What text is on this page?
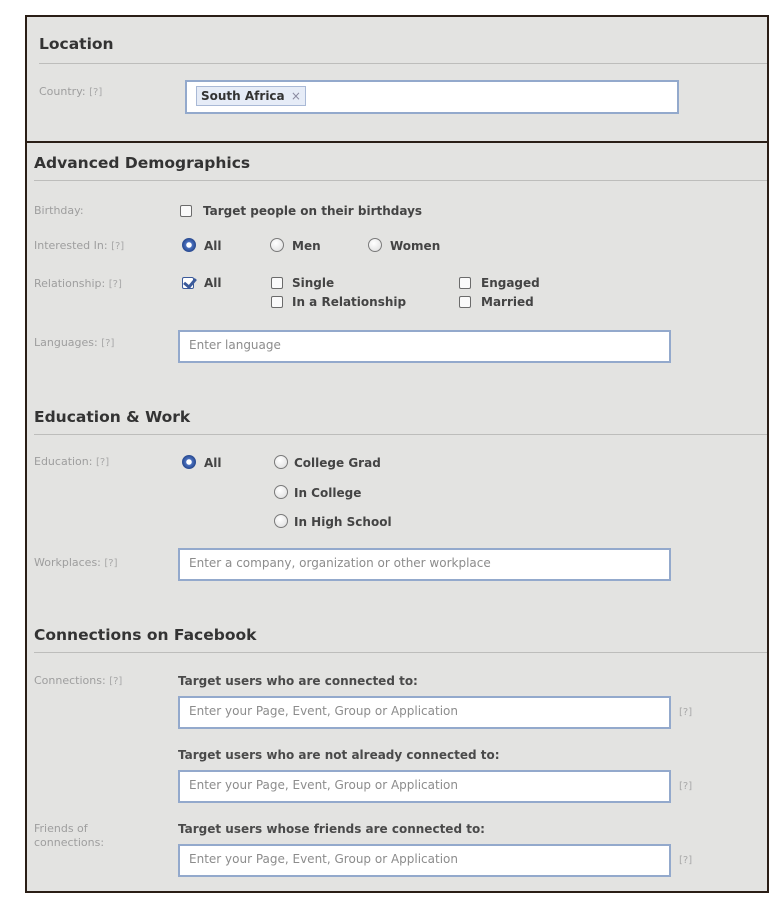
Location
Country: [?]	South Africa ×
Advanced Demographics
Birthday:	Target people on their birthdays
Interested In: [?]	All	Men	Women
Relationship: [?]	All	Single
In a Relationship
Engaged
Married
Languages: [?]	Enter language
Education & Work
Education: [?]	All	College Grad
In College
In High School
Workplaces: [?]	Enter a company, organization or other workplace
Connections on Facebook
Connections: [?]	Target users who are connected to:
Enter your Page, Event, Group or Application	[?]
Target users who are not already connected to:
Enter your Page, Event, Group or Application	[?]
Friends of
connections:
Target users whose friends are connected to:
Enter your Page, Event, Group or Application	[?]
